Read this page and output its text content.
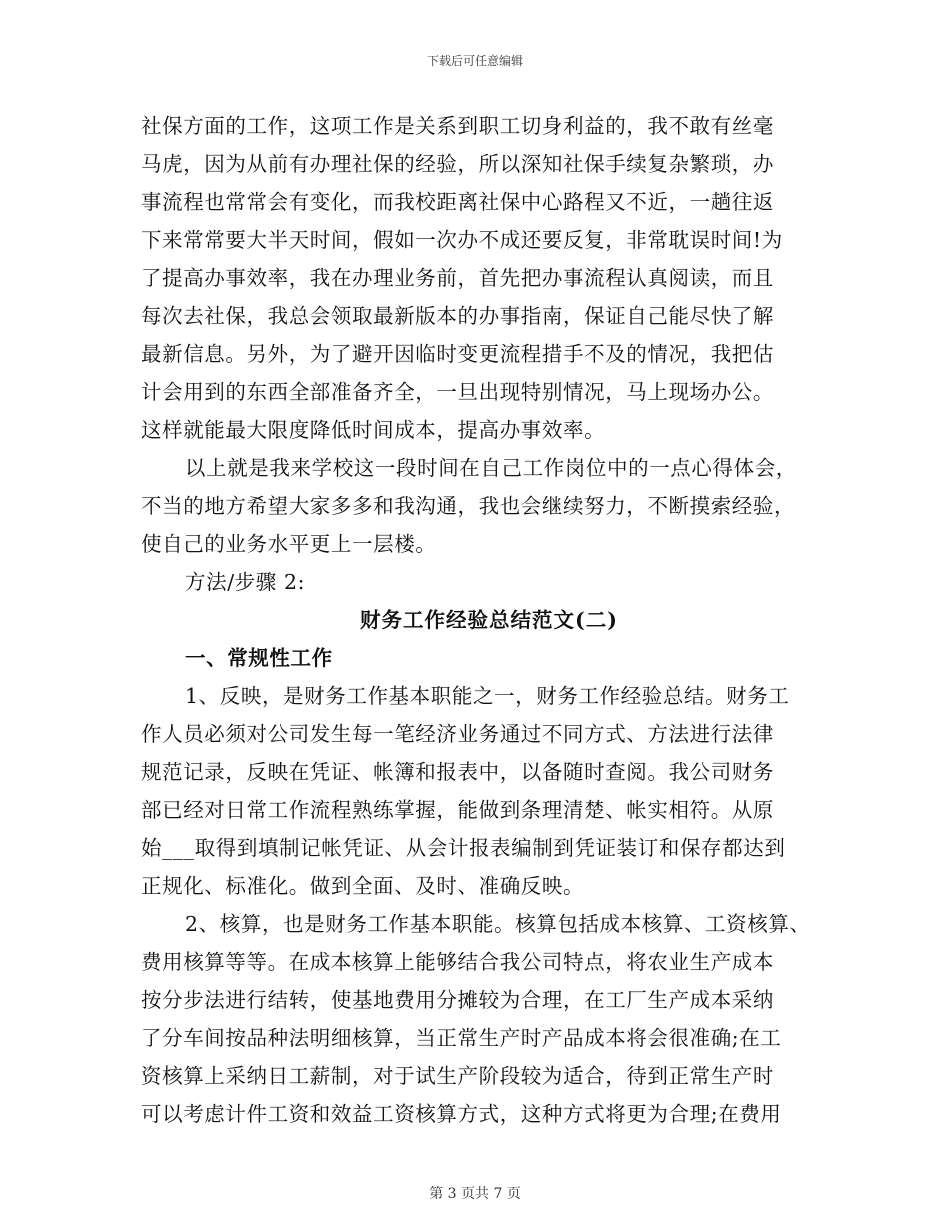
下载后可任意编辑
社保方面的工作，这项工作是关系到职工切身利益的，我不敢有丝毫
马虎，因为从前有办理社保的经验，所以深知社保手续复杂繁琐，办
事流程也常常会有变化，而我校距离社保中心路程又不近，一趟往返
下来常常要大半天时间，假如一次办不成还要反复，非常耽误时间!为
了提高办事效率，我在办理业务前，首先把办事流程认真阅读，而且
每次去社保，我总会领取最新版本的办事指南，保证自己能尽快了解
最新信息。另外，为了避开因临时变更流程措手不及的情况，我把估
计会用到的东西全部准备齐全，一旦出现特别情况，马上现场办公。
这样就能最大限度降低时间成本，提高办事效率。
以上就是我来学校这一段时间在自己工作岗位中的一点心得体会，
不当的地方希望大家多多和我沟通，我也会继续努力，不断摸索经验，
使自己的业务水平更上一层楼。
方法/步骤 2:
财务工作经验总结范文(二)
一、常规性工作
1、反映，是财务工作基本职能之一，财务工作经验总结。财务工
作人员必须对公司发生每一笔经济业务通过不同方式、方法进行法律
规范记录，反映在凭证、帐簿和报表中，以备随时查阅。我公司财务
部已经对日常工作流程熟练掌握，能做到条理清楚、帐实相符。从原
始___取得到填制记帐凭证、从会计报表编制到凭证装订和保存都达到
正规化、标准化。做到全面、及时、准确反映。
2、核算，也是财务工作基本职能。核算包括成本核算、工资核算、
费用核算等等。在成本核算上能够结合我公司特点，将农业生产成本
按分步法进行结转，使基地费用分摊较为合理，在工厂生产成本采纳
了分车间按品种法明细核算，当正常生产时产品成本将会很准确;在工
资核算上采纳日工薪制，对于试生产阶段较为适合，待到正常生产时
可以考虑计件工资和效益工资核算方式，这种方式将更为合理;在费用
第 3 页共 7 页
